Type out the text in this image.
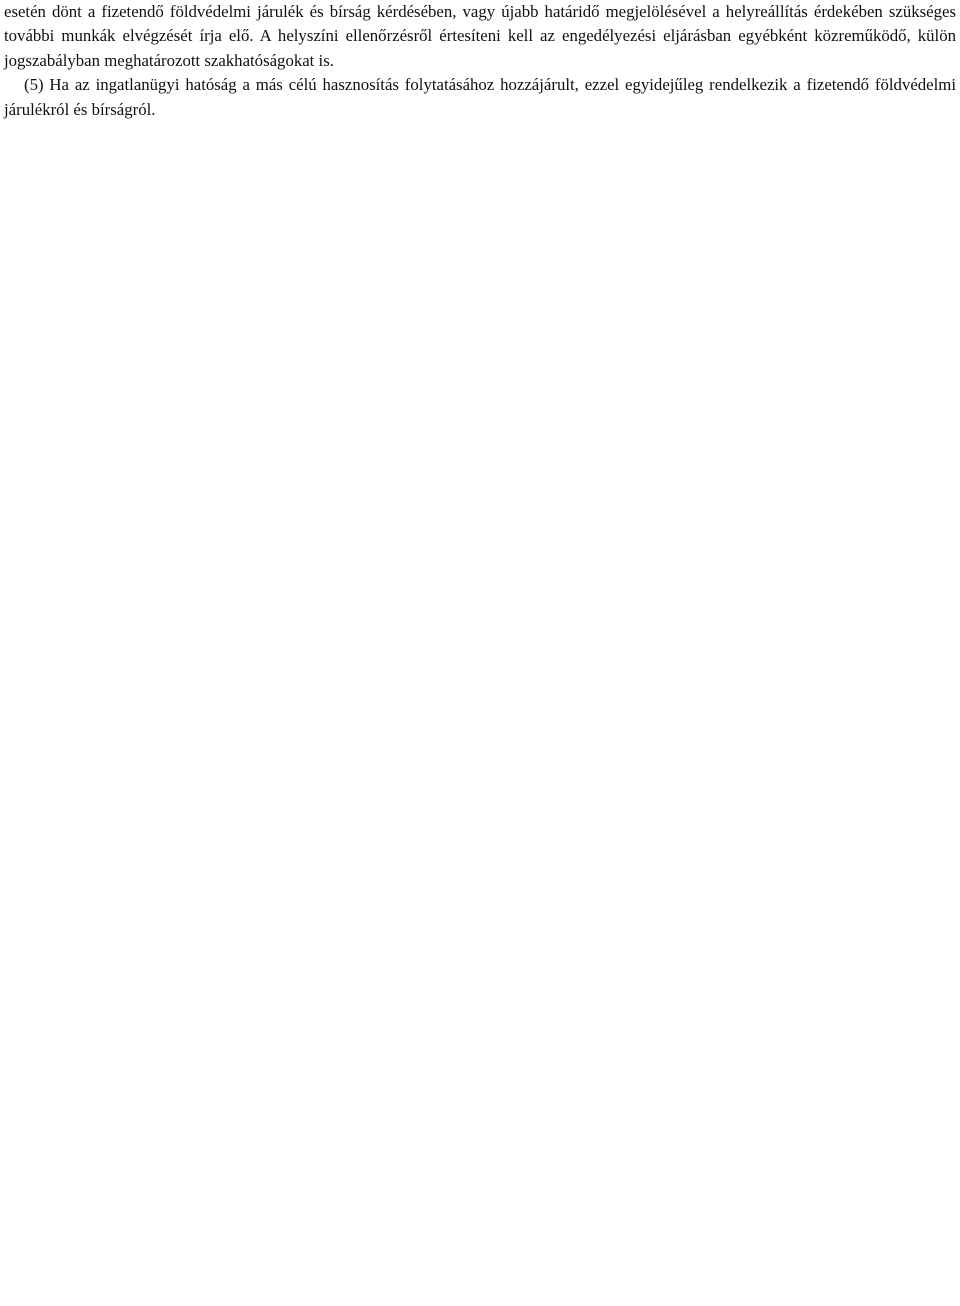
esetén dönt a fizetendő földvédelmi járulék és bírság kérdésében, vagy újabb határidő megjelölésével a helyreállítás érdekében szükséges további munkák elvégzését írja elő. A helyszíni ellenőrzésről értesíteni kell az engedélyezési eljárásban egyébként közreműködő, külön jogszabályban meghatározott szakhatóságokat is.

(5) Ha az ingatlanügyi hatóság a más célú hasznosítás folytatásához hozzájárult, ezzel egyidejűleg rendelkezik a fizetendő földvédelmi járulékról és bírságról.
